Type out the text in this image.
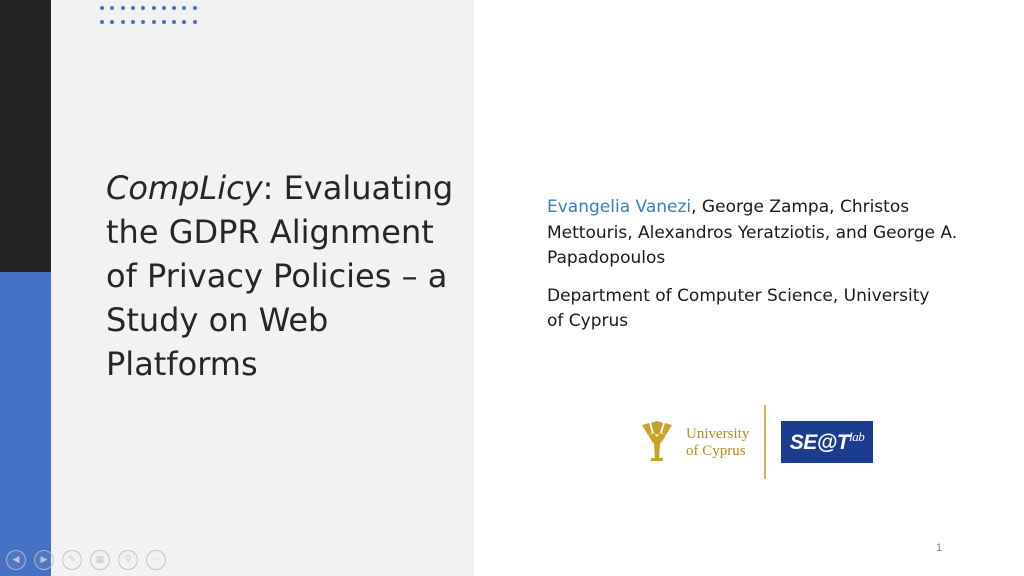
CompLicy: Evaluating the GDPR Alignment of Privacy Policies – a Study on Web Platforms
Evangelia Vanezi, George Zampa, Christos Mettouris, Alexandros Yeratziotis, and George A. Papadopoulos
Department of Computer Science, University of Cyprus
University
of Cyprus $SE@T^{lab}$
1
◀ ▶ ✎ ▦ ⚲ ⋯
